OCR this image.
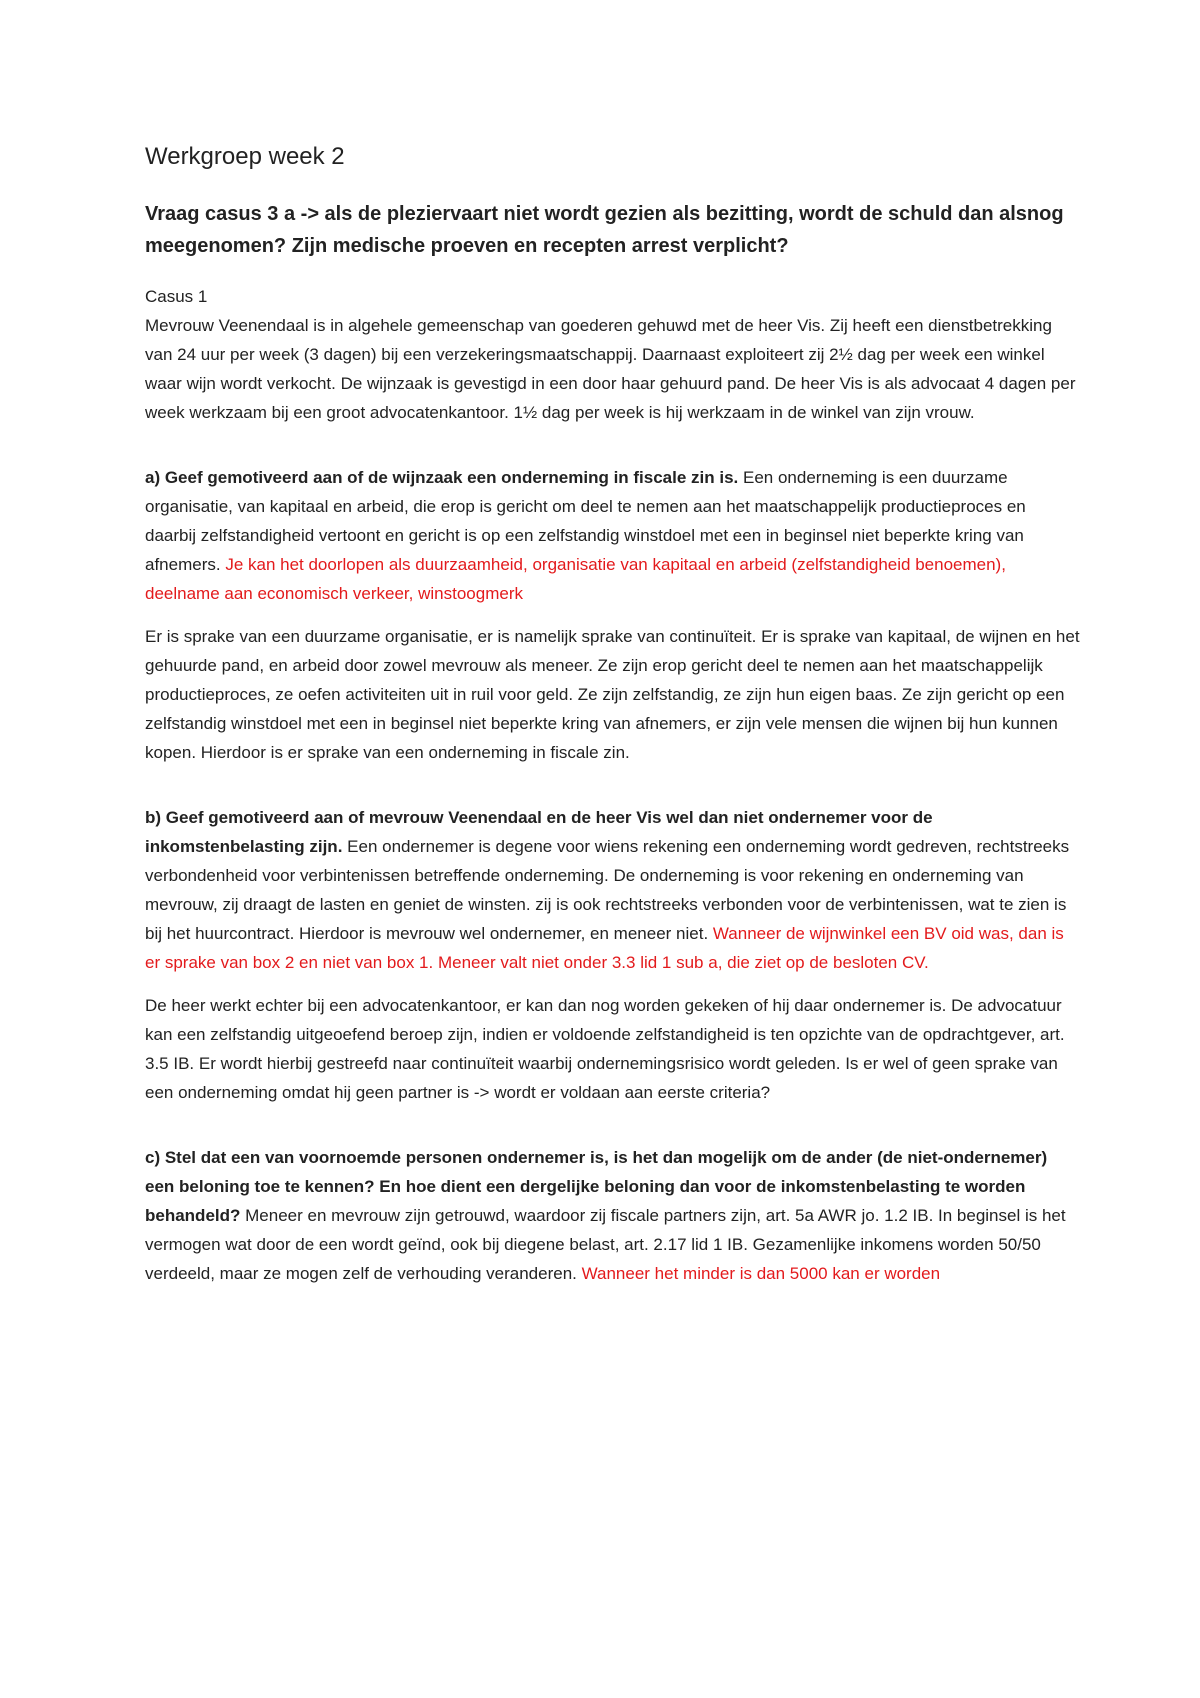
Werkgroep week 2
Vraag casus 3 a -> als de pleziervaart niet wordt gezien als bezitting, wordt de schuld dan alsnog meegenomen? Zijn medische proeven en recepten arrest verplicht?

Casus 1
Mevrouw Veenendaal is in algehele gemeenschap van goederen gehuwd met de heer Vis. Zij heeft een dienstbetrekking van 24 uur per week (3 dagen) bij een verzekeringsmaatschappij. Daarnaast exploiteert zij 2½ dag per week een winkel waar wijn wordt verkocht. De wijnzaak is gevestigd in een door haar gehuurd pand. De heer Vis is als advocaat 4 dagen per week werkzaam bij een groot advocatenkantoor. 1½ dag per week is hij werkzaam in de winkel van zijn vrouw.

a) Geef gemotiveerd aan of de wijnzaak een onderneming in fiscale zin is. Een onderneming is een duurzame organisatie, van kapitaal en arbeid, die erop is gericht om deel te nemen aan het maatschappelijk productieproces en daarbij zelfstandigheid vertoont en gericht is op een zelfstandig winstdoel met een in beginsel niet beperkte kring van afnemers. Je kan het doorlopen als duurzaamheid, organisatie van kapitaal en arbeid (zelfstandigheid benoemen), deelname aan economisch verkeer, winstoogmerk

Er is sprake van een duurzame organisatie, er is namelijk sprake van continuïteit. Er is sprake van kapitaal, de wijnen en het gehuurde pand, en arbeid door zowel mevrouw als meneer. Ze zijn erop gericht deel te nemen aan het maatschappelijk productieproces, ze oefen activiteiten uit in ruil voor geld. Ze zijn zelfstandig, ze zijn hun eigen baas. Ze zijn gericht op een zelfstandig winstdoel met een in beginsel niet beperkte kring van afnemers, er zijn vele mensen die wijnen bij hun kunnen kopen. Hierdoor is er sprake van een onderneming in fiscale zin.

b) Geef gemotiveerd aan of mevrouw Veenendaal en de heer Vis wel dan niet ondernemer voor de inkomstenbelasting zijn. Een ondernemer is degene voor wiens rekening een onderneming wordt gedreven, rechtstreeks verbondenheid voor verbintenissen betreffende onderneming. De onderneming is voor rekening en onderneming van mevrouw, zij draagt de lasten en geniet de winsten. zij is ook rechtstreeks verbonden voor de verbintenissen, wat te zien is bij het huurcontract. Hierdoor is mevrouw wel ondernemer, en meneer niet. Wanneer de wijnwinkel een BV oid was, dan is er sprake van box 2 en niet van box 1. Meneer valt niet onder 3.3 lid 1 sub a, die ziet op de besloten CV.

De heer werkt echter bij een advocatenkantoor, er kan dan nog worden gekeken of hij daar ondernemer is. De advocatuur kan een zelfstandig uitgeoefend beroep zijn, indien er voldoende zelfstandigheid is ten opzichte van de opdrachtgever, art. 3.5 IB. Er wordt hierbij gestreefd naar continuïteit waarbij ondernemingsrisico wordt geleden. Is er wel of geen sprake van een onderneming omdat hij geen partner is -> wordt er voldaan aan eerste criteria?

c) Stel dat een van voornoemde personen ondernemer is, is het dan mogelijk om de ander (de niet-ondernemer) een beloning toe te kennen? En hoe dient een dergelijke beloning dan voor de inkomstenbelasting te worden behandeld? Meneer en mevrouw zijn getrouwd, waardoor zij fiscale partners zijn, art. 5a AWR jo. 1.2 IB. In beginsel is het vermogen wat door de een wordt geïnd, ook bij diegene belast, art. 2.17 lid 1 IB. Gezamenlijke inkomens worden 50/50 verdeeld, maar ze mogen zelf de verhouding veranderen. Wanneer het minder is dan 5000 kan er worden
